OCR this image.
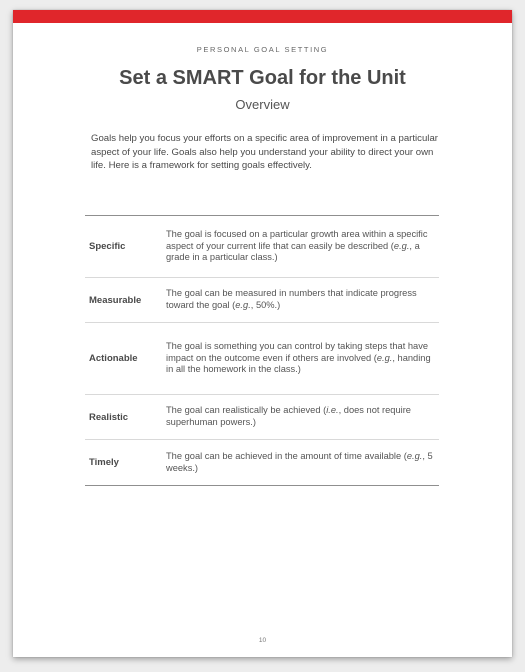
PERSONAL GOAL SETTING
Set a SMART Goal for the Unit
Overview

Goals help you focus your efforts on a specific area of improvement in a particular aspect of your life. Goals also help you understand your ability to direct your own life. Here is a framework for setting goals effectively.

Specific	The goal is focused on a particular growth area within a specific aspect of your current life that can easily be described (e.g., a grade in a particular class.)
Measurable	The goal can be measured in numbers that indicate progress toward the goal (e.g., 50%.)
Actionable	The goal is something you can control by taking steps that have impact on the outcome even if others are involved (e.g., handing in all the homework in the class.)
Realistic	The goal can realistically be achieved (i.e., does not require superhuman powers.)
Timely	The goal can be achieved in the amount of time available (e.g., 5 weeks.)
10
